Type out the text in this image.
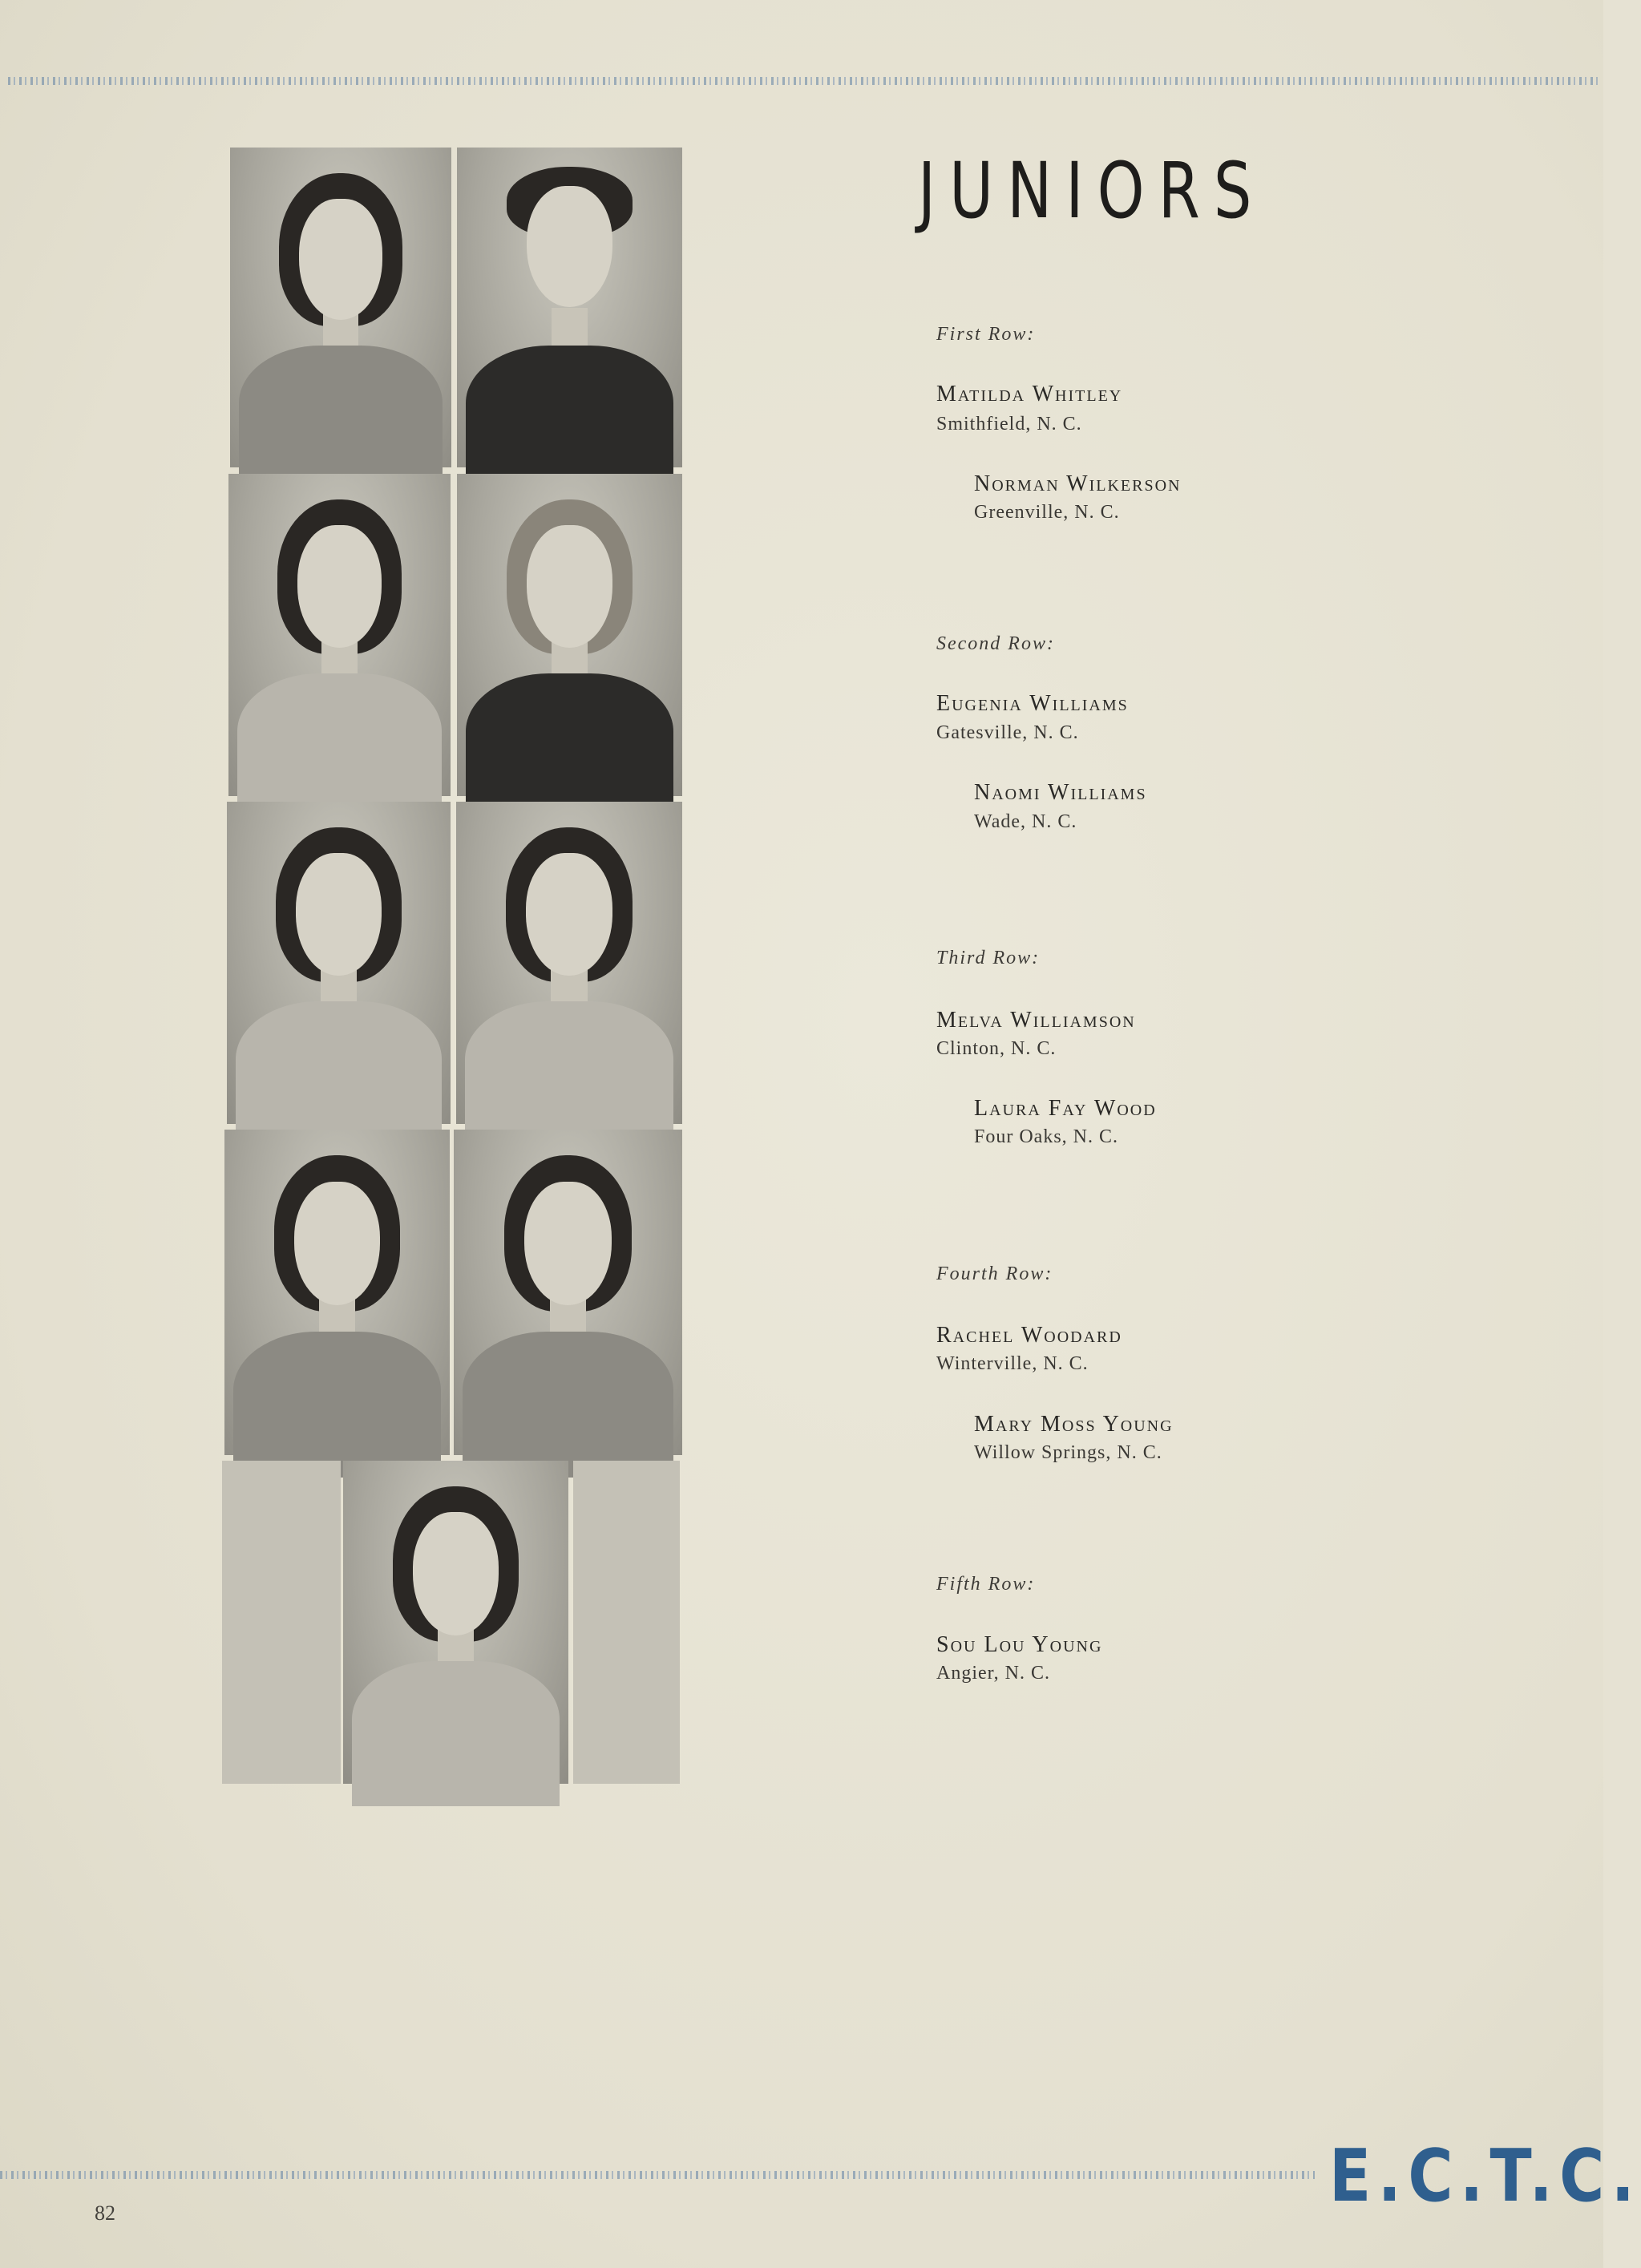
JUNIORS
First Row:
Matilda Whitley
Smithfield, N. C.
Norman Wilkerson
Greenville, N. C.
Second Row:
Eugenia Williams
Gatesville, N. C.
Naomi Williams
Wade, N. C.
Third Row:
Melva Williamson
Clinton, N. C.
Laura Fay Wood
Four Oaks, N. C.
Fourth Row:
Rachel Woodard
Winterville, N. C.
Mary Moss Young
Willow Springs, N. C.
Fifth Row:
Sou Lou Young
Angier, N. C.
82	E.C.T.C.
